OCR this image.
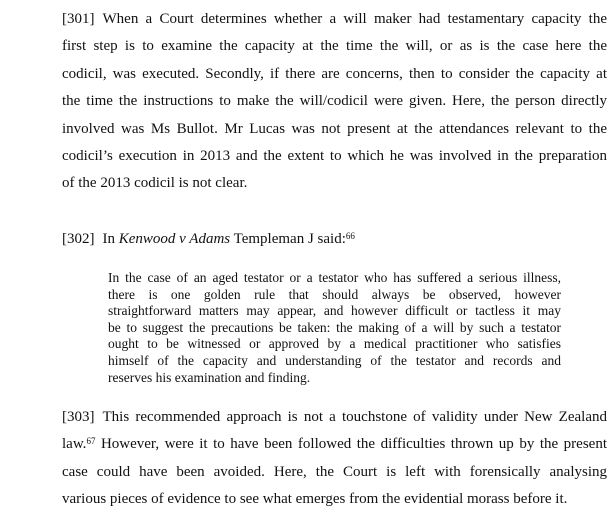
[301] When a Court determines whether a will maker had testamentary capacity the
first step is to examine the capacity at the time the will, or as is the case here the
codicil, was executed. Secondly, if there are concerns, then to consider the capacity at
the time the instructions to make the will/codicil were given. Here, the person directly
involved was Ms Bullot. Mr Lucas was not present at the attendances relevant to the
codicil’s execution in 2013 and the extent to which he was involved in the preparation
of the 2013 codicil is not clear.
[302] In Kenwood v Adams Templeman J said:$^{66}$
In the case of an aged testator or a testator who has suffered a serious illness,
there is one golden rule that should always be observed, however
straightforward matters may appear, and however difficult or tactless it may
be to suggest the precautions be taken: the making of a will by such a testator
ought to be witnessed or approved by a medical practitioner who satisfies
himself of the capacity and understanding of the testator and records and
reserves his examination and finding.
[303] This recommended approach is not a touchstone of validity under New Zealand
law.$^{67}$ However, were it to have been followed the difficulties thrown up by the present
case could have been avoided. Here, the Court is left with forensically analysing
various pieces of evidence to see what emerges from the evidential morass before it.
